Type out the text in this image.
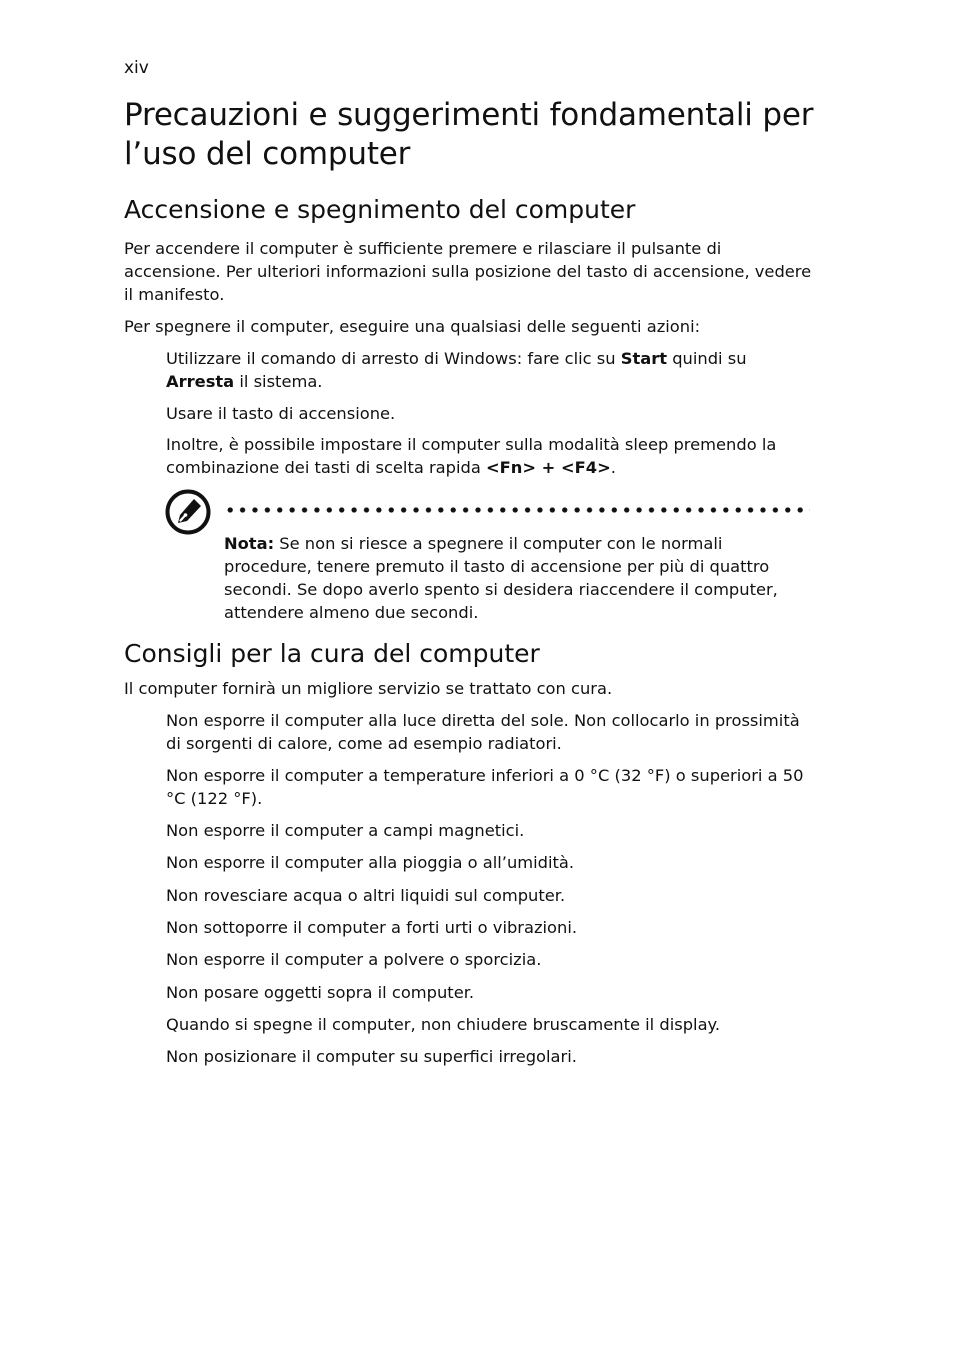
xiv
Precauzioni e suggerimenti fondamentali per l’uso del computer
Accensione e spegnimento del computer

Per accendere il computer è sufficiente premere e rilasciare il pulsante di accensione. Per ulteriori informazioni sulla posizione del tasto di accensione, vedere il manifesto.

Per spegnere il computer, eseguire una qualsiasi delle seguenti azioni:

Utilizzare il comando di arresto di Windows: fare clic su Start quindi su
Arresta il sistema.

Usare il tasto di accensione.

Inoltre, è possibile impostare il computer sulla modalità sleep premendo la combinazione dei tasti di scelta rapida <Fn> + <F4>.

Nota: Se non si riesce a spegnere il computer con le normali procedure, tenere premuto il tasto di accensione per più di quattro secondi. Se dopo averlo spento si desidera riaccendere il computer, attendere almeno due secondi.

Consigli per la cura del computer

Il computer fornirà un migliore servizio se trattato con cura.

Non esporre il computer alla luce diretta del sole. Non collocarlo in prossimità di sorgenti di calore, come ad esempio radiatori.

Non esporre il computer a temperature inferiori a 0 °C (32 °F) o superiori a 50 °C (122 °F).

Non esporre il computer a campi magnetici.

Non esporre il computer alla pioggia o all’umidità.

Non rovesciare acqua o altri liquidi sul computer.

Non sottoporre il computer a forti urti o vibrazioni.

Non esporre il computer a polvere o sporcizia.

Non posare oggetti sopra il computer.

Quando si spegne il computer, non chiudere bruscamente il display.

Non posizionare il computer su superfici irregolari.
